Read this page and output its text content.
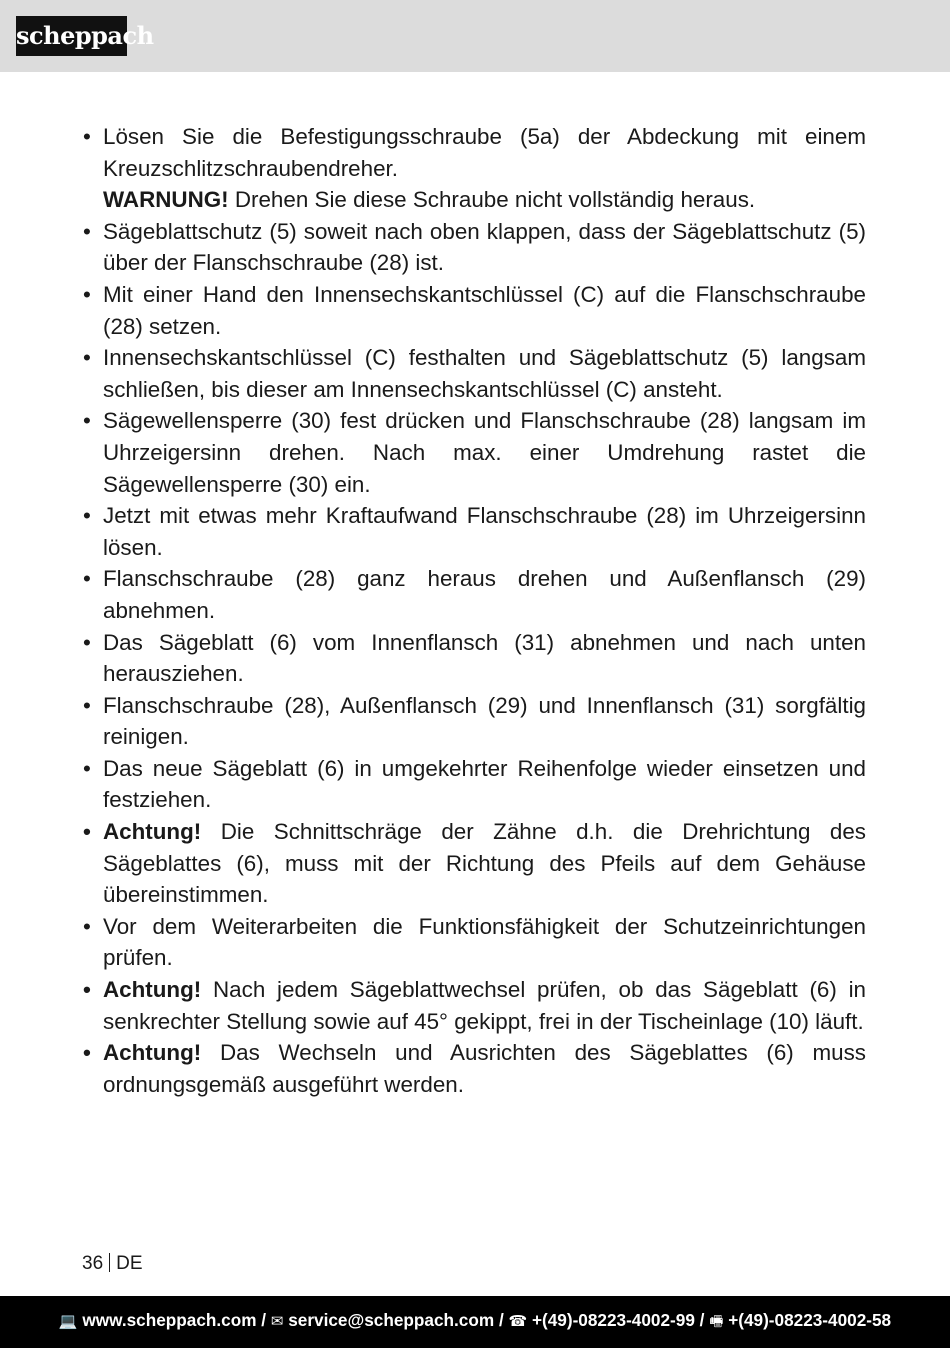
scheppach
• Lösen Sie die Befestigungsschraube (5a) der Abdeckung mit einem Kreuzschlitzschraubendreher.
WARNUNG! Drehen Sie diese Schraube nicht vollständig heraus.
• Sägeblattschutz (5) soweit nach oben klappen, dass der Sägeblattschutz (5) über der Flanschschraube (28) ist.
• Mit einer Hand den Innensechskantschlüssel (C) auf die Flanschschraube (28) setzen.
• Innensechskantschlüssel (C) festhalten und Sägeblattschutz (5) langsam schließen, bis dieser am Innensechskantschlüssel (C) ansteht.
• Sägewellensperre (30) fest drücken und Flanschschraube (28) langsam im Uhrzeigersinn drehen. Nach max. einer Umdrehung rastet die Sägewellensperre (30) ein.
• Jetzt mit etwas mehr Kraftaufwand Flanschschraube (28) im Uhrzeigersinn lösen.
• Flanschschraube (28) ganz heraus drehen und Außenflansch (29) abnehmen.
• Das Sägeblatt (6) vom Innenflansch (31) abnehmen und nach unten herausziehen.
• Flanschschraube (28), Außenflansch (29) und Innenflansch (31) sorgfältig reinigen.
• Das neue Sägeblatt (6) in umgekehrter Reihenfolge wieder einsetzen und festziehen.
• Achtung! Die Schnittschräge der Zähne d.h. die Drehrichtung des Sägeblattes (6), muss mit der Richtung des Pfeils auf dem Gehäuse übereinstimmen.
• Vor dem Weiterarbeiten die Funktionsfähigkeit der Schutzeinrichtungen prüfen.
• Achtung! Nach jedem Sägeblattwechsel prüfen, ob das Sägeblatt (6) in senkrechter Stellung sowie auf 45° gekippt, frei in der Tischeinlage (10) läuft.
• Achtung! Das Wechseln und Ausrichten des Sägeblattes (6) muss ordnungsgemäß ausgeführt werden.
36 DE
💻 www.scheppach.com / ✉ service@scheppach.com / ☎ +(49)-08223-4002-99 / 🖷 +(49)-08223-4002-58
